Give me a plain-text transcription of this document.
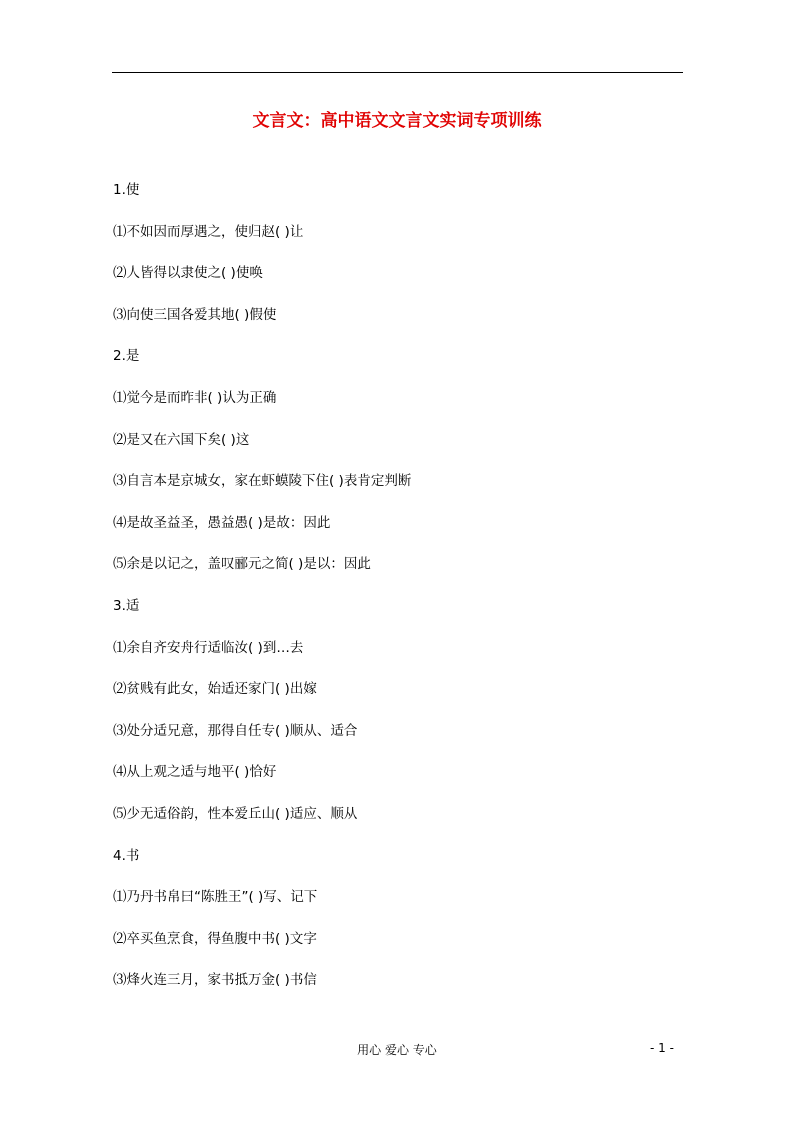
文言文：高中语文文言文实词专项训练
1.使
⑴不如因而厚遇之，使归赵( )让
⑵人皆得以隶使之( )使唤
⑶向使三国各爱其地( )假使
2.是
⑴觉今是而昨非( )认为正确
⑵是又在六国下矣( )这
⑶自言本是京城女，家在虾蟆陵下住( )表肯定判断
⑷是故圣益圣，愚益愚( )是故：因此
⑸余是以记之，盖叹郦元之简( )是以：因此
3.适
⑴余自齐安舟行适临汝( )到…去
⑵贫贱有此女，始适还家门( )出嫁
⑶处分适兄意，那得自任专( )顺从、适合
⑷从上观之适与地平( )恰好
⑸少无适俗韵，性本爱丘山( )适应、顺从
4.书
⑴乃丹书帛曰“陈胜王”( )写、记下
⑵卒买鱼烹食，得鱼腹中书( )文字
⑶烽火连三月，家书抵万金( )书信
用心 爱心 专心	- 1 -
